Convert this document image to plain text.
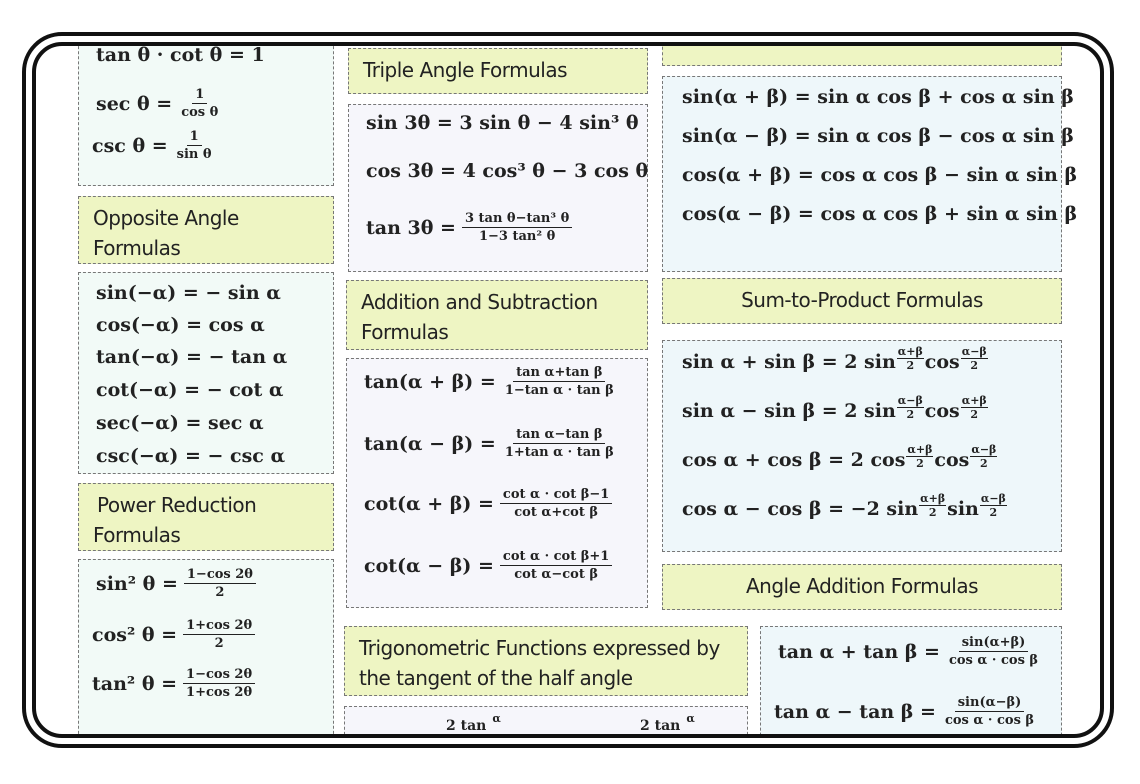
tan θ · cot θ = 1
$\sec \theta = \frac{1}{\text{cos θ}}$
$\csc \theta = \frac{1}{\text{sin θ}}$
Opposite Angle
Formulas
sin(−α) = − sin α
cos(−α) = cos α
tan(−α) = − tan α
cot(−α) = − cot α
sec(−α) = sec α
csc(−α) = − csc α
Power Reduction
Formulas
sin² $\theta = \frac{1-\cos 2\theta}{2}$
cos² $\theta = \frac{1+\cos 2\theta}{2}$
tan² $\theta = \frac{1-\cos 2\theta}{1+\cos 2\theta}$
Triple Angle Formulas
sin 3θ = 3 sin θ − 4 sin³ θ
cos 3θ = 4 cos³ θ − 3 cos θ
$\tan 3\theta = \frac{\text{3 tan θ−tan³ θ}}{\text{1−3 tan² θ}}$
Addition and Subtraction
Formulas
$\tan(\alpha + \beta) = \frac{\text{tan α+tan β}}{\text{1−tan α · tan β}}$
$\tan(\alpha - \beta) = \frac{\text{tan α−tan β}}{\text{1+tan α · tan β}}$
$\cot(\alpha + \beta) = \frac{\text{cot α · cot β−1}}{\text{cot α+cot β}}$
$\cot(\alpha - \beta) = \frac{\text{cot α · cot β+1}}{\text{cot α−cot β}}$
Trigonometric Functions expressed by
the tangent of the half angle
2 tan α	2 tan α
sin(α + β) = sin α cos β + cos α sin β
sin(α − β) = sin α cos β − cos α sin β
cos(α + β) = cos α cos β − sin α sin β
cos(α − β) = cos α cos β + sin α sin β
Sum-to-Product Formulas
sin α + sin β = 2 $\sin \frac{\alpha+\beta}{2}$ $\cos \frac{\alpha-\beta}{2}$
sin α − sin β = 2 $\sin \frac{\alpha-\beta}{2}$ $\cos \frac{\alpha+\beta}{2}$
cos α + cos β = 2 $\cos \frac{\alpha+\beta}{2}$ $\cos \frac{\alpha-\beta}{2}$
cos α − cos β = −2 $\sin \frac{\alpha+\beta}{2}$ $\sin \frac{\alpha-\beta}{2}$
Angle Addition Formulas
$\tan \alpha + \tan \beta = \frac{\sin(\alpha+\beta)}{\text{cos α · cos β}}$
$\tan \alpha - \tan \beta = \frac{\sin(\alpha-\beta)}{\text{cos α · cos β}}$
